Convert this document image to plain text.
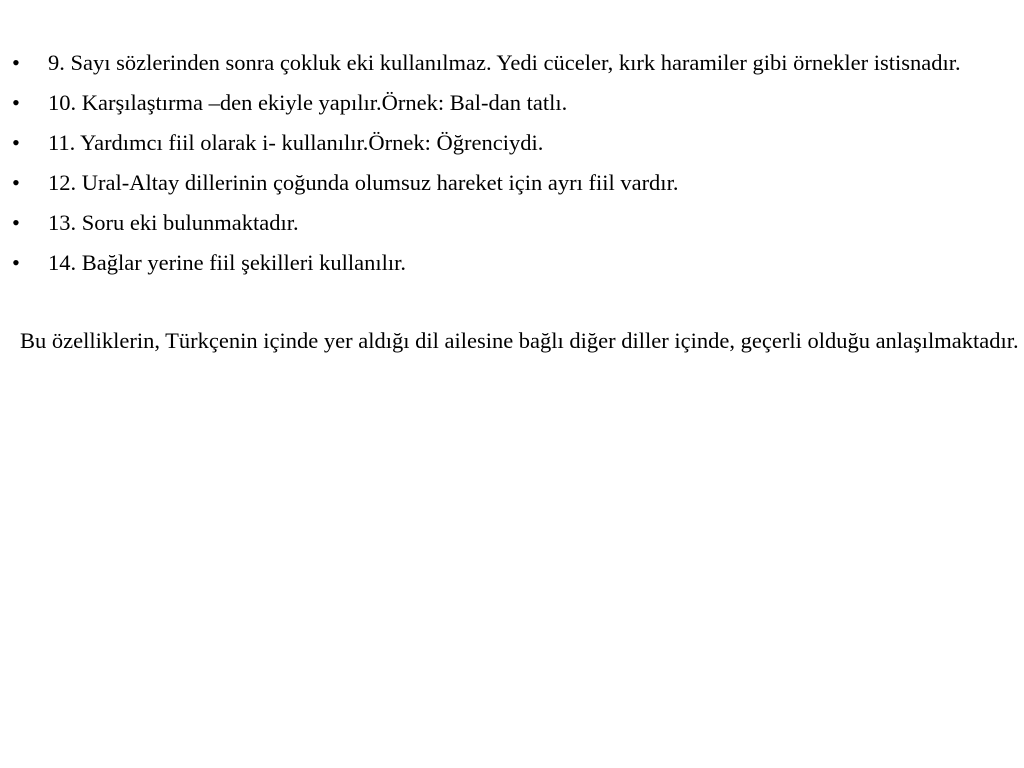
•	9. Sayı sözlerinden sonra çokluk eki kullanılmaz. Yedi cüceler, kırk haramiler gibi örnekler istisnadır.
•	10. Karşılaştırma –den ekiyle yapılır.Örnek: Bal-dan tatlı.
•	11. Yardımcı fiil olarak i- kullanılır.Örnek: Öğrenciydi.
•	12. Ural-Altay dillerinin çoğunda olumsuz hareket için ayrı fiil vardır.
•	13. Soru eki bulunmaktadır.
•	14. Bağlar yerine fiil şekilleri kullanılır.

Bu özelliklerin, Türkçenin içinde yer aldığı dil ailesine bağlı diğer diller içinde, geçerli olduğu anlaşılmaktadır.
